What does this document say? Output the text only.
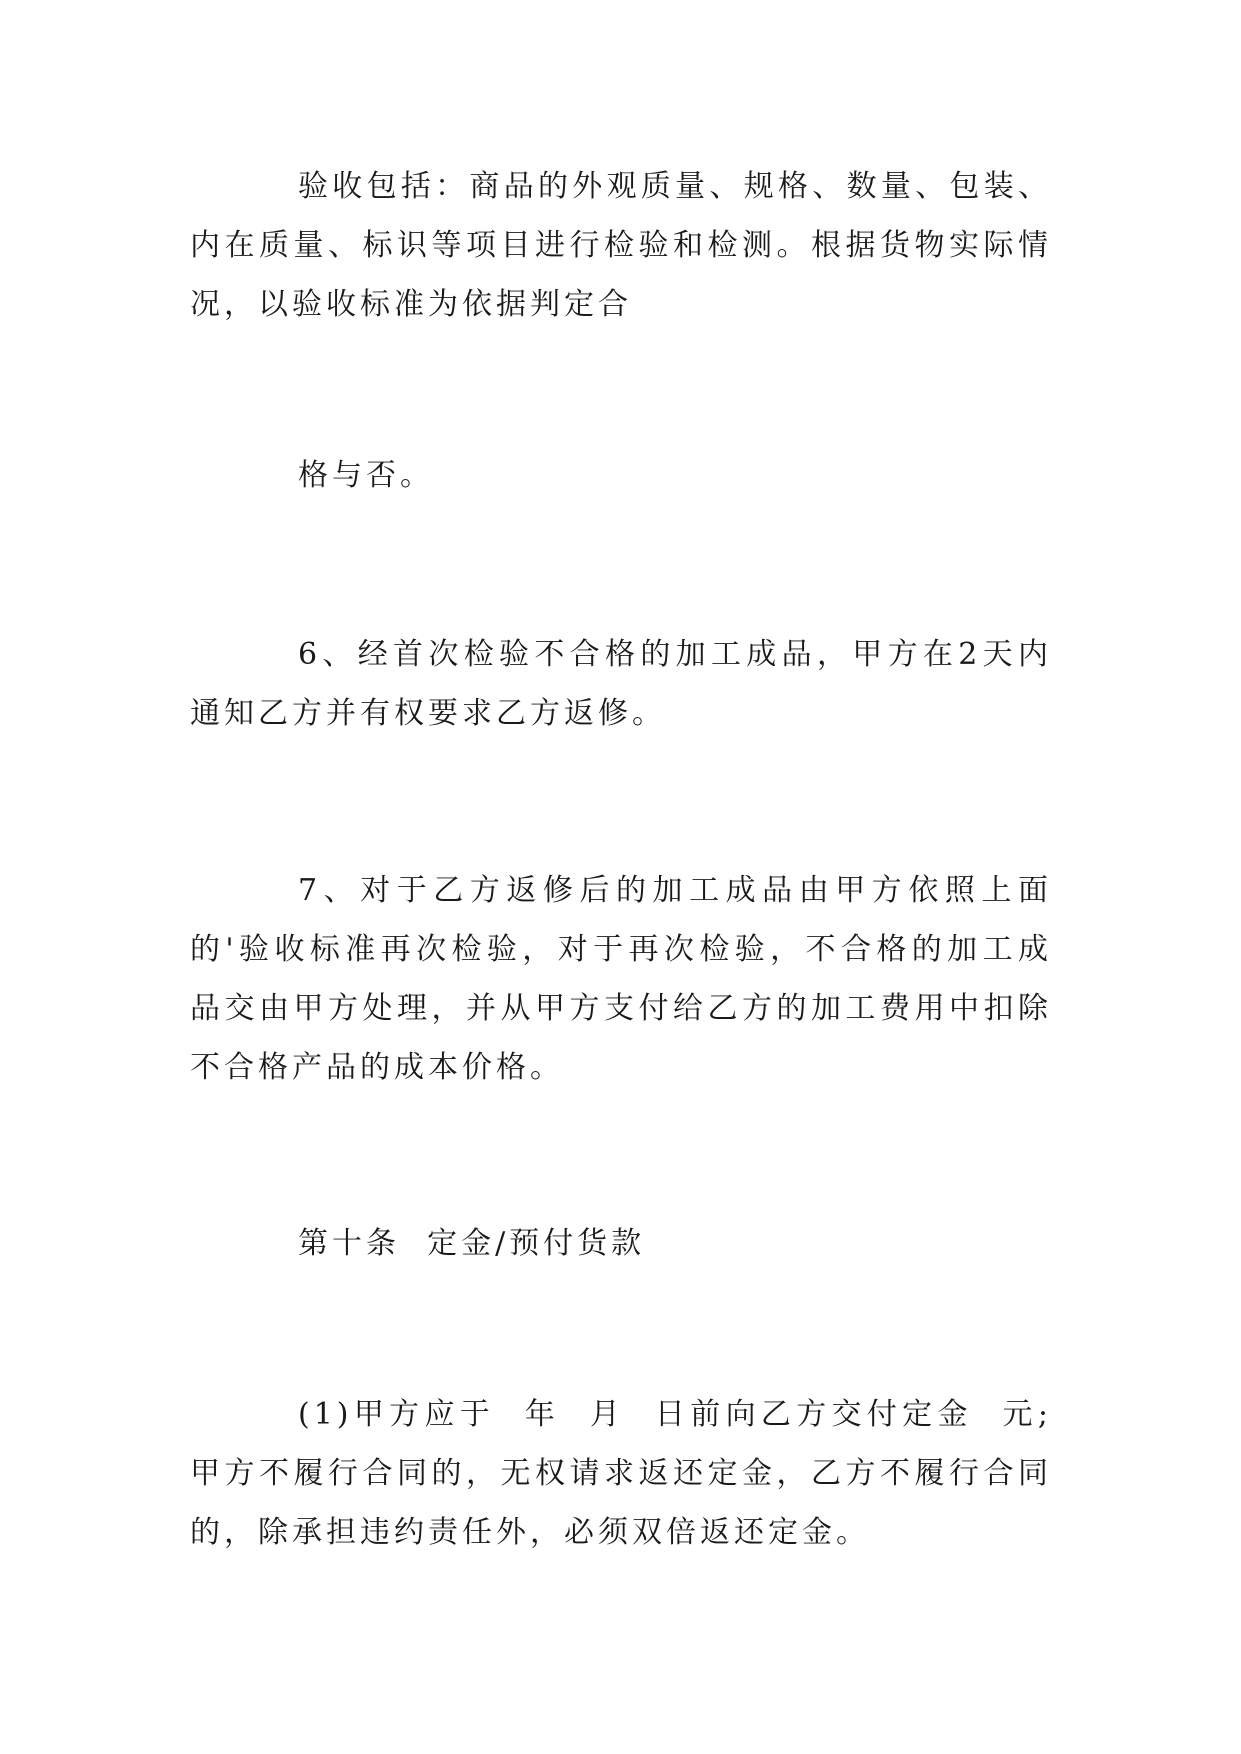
验收包括：商品的外观质量、规格、数量、包装、内在质量、标识等项目进行检验和检测。根据货物实际情况，以验收标准为依据判定合

格与否。

6、经首次检验不合格的加工成品，甲方在2天内通知乙方并有权要求乙方返修。

7、对于乙方返修后的加工成品由甲方依照上面的'验收标准再次检验，对于再次检验，不合格的加工成品交由甲方处理，并从甲方支付给乙方的加工费用中扣除不合格产品的成本价格。

第十条  定金/预付货款

(1)甲方应于  年  月  日前向乙方交付定金  元;甲方不履行合同的，无权请求返还定金，乙方不履行合同的，除承担违约责任外，必须双倍返还定金。
